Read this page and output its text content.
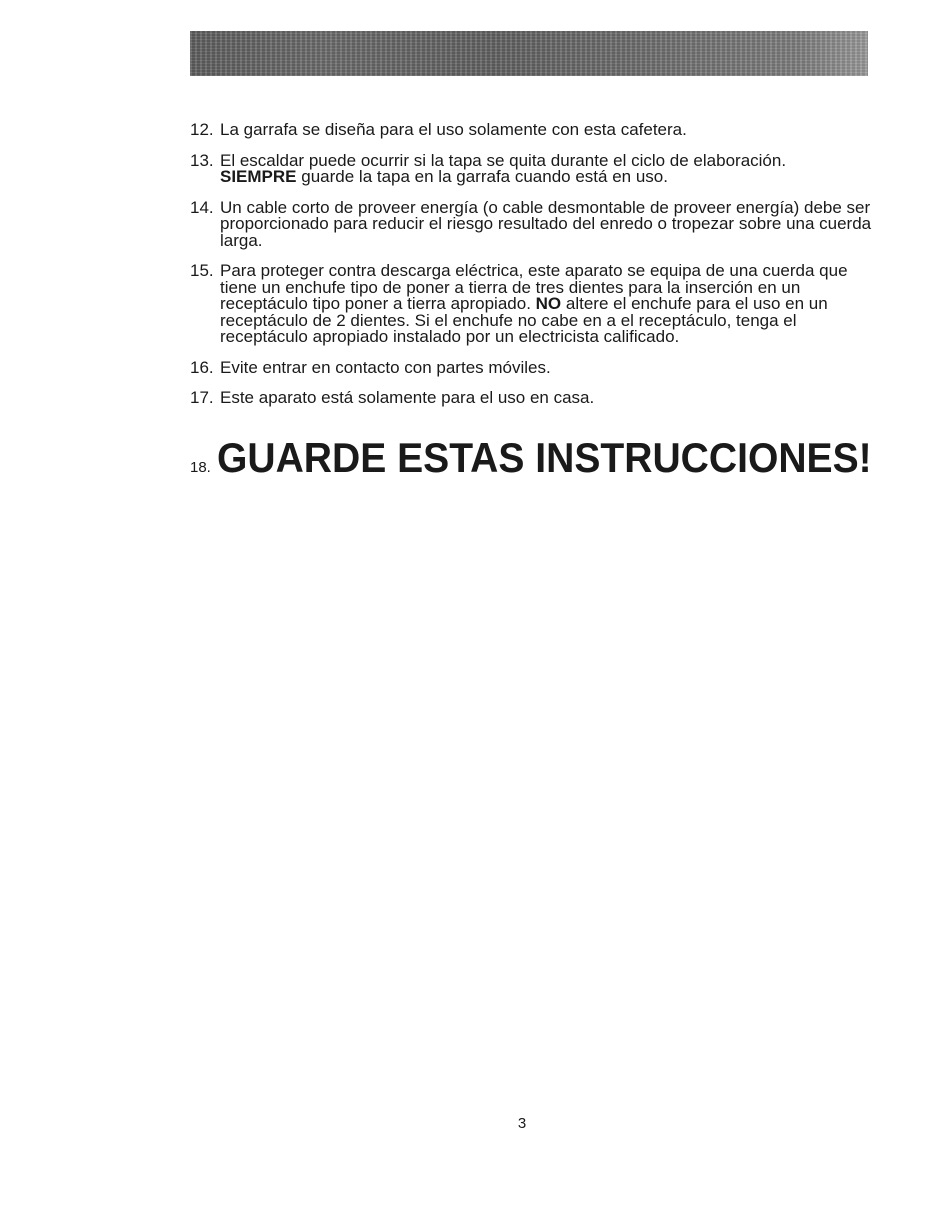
12. La garrafa se diseña para el uso solamente con esta cafetera.
13. El escaldar puede ocurrir si la tapa se quita durante el ciclo de elaboración.
SIEMPRE guarde la tapa en la garrafa cuando está en uso.
14. Un cable corto de proveer energía (o cable desmontable de proveer energía) debe ser proporcionado para reducir el riesgo resultado del enredo o tropezar sobre una cuerda larga.
15. Para proteger contra descarga eléctrica, este aparato se equipa de una cuerda que tiene un enchufe tipo de poner a tierra de tres dientes para la inserción en un receptáculo tipo poner a tierra apropiado. NO altere el enchufe para el uso en un receptáculo de 2 dientes. Si el enchufe no cabe en a el receptáculo, tenga el receptáculo apropiado instalado por un electricista calificado.
16. Evite entrar en contacto con partes móviles.
17. Este aparato está solamente para el uso en casa.
18. GUARDE ESTAS INSTRUCCIONES!
3
